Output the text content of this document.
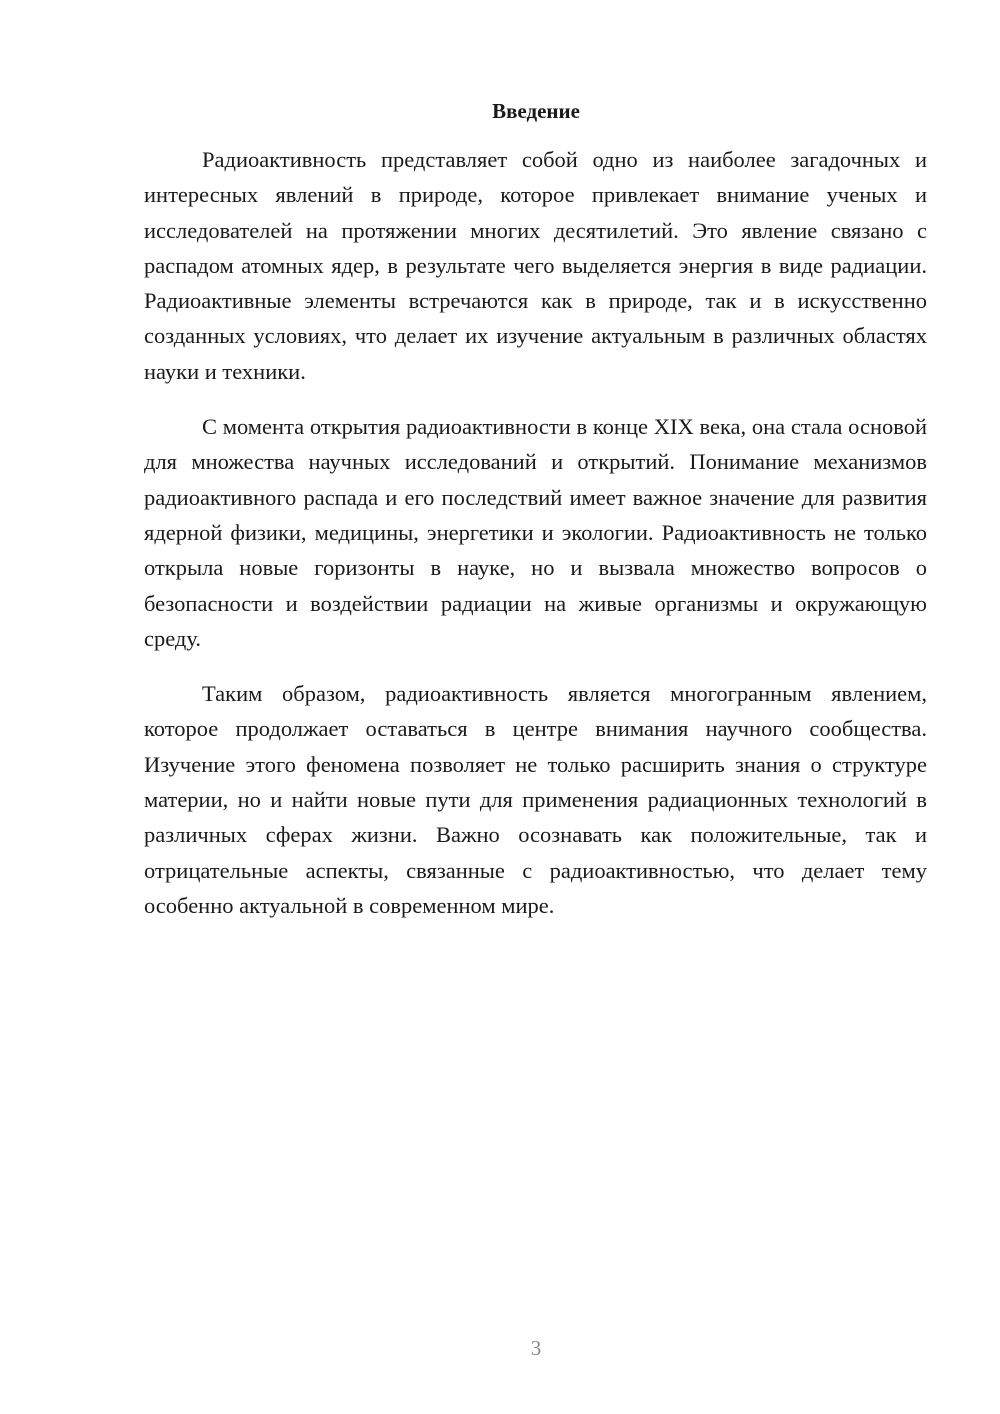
Введение

Радиоактивность представляет собой одно из наиболее загадочных и интересных явлений в природе, которое привлекает внимание ученых и исследователей на протяжении многих десятилетий. Это явление связано с распадом атомных ядер, в результате чего выделяется энергия в виде радиации. Радиоактивные элементы встречаются как в природе, так и в искусственно созданных условиях, что делает их изучение актуальным в различных областях науки и техники.

С момента открытия радиоактивности в конце XIX века, она стала основой для множества научных исследований и открытий. Понимание механизмов радиоактивного распада и его последствий имеет важное значение для развития ядерной физики, медицины, энергетики и экологии. Радиоактивность не только открыла новые горизонты в науке, но и вызвала множество вопросов о безопасности и воздействии радиации на живые организмы и окружающую среду.

Таким образом, радиоактивность является многогранным явлением, которое продолжает оставаться в центре внимания научного сообщества. Изучение этого феномена позволяет не только расширить знания о структуре материи, но и найти новые пути для применения радиационных технологий в различных сферах жизни. Важно осознавать как положительные, так и отрицательные аспекты, связанные с радиоактивностью, что делает тему особенно актуальной в современном мире.

3
